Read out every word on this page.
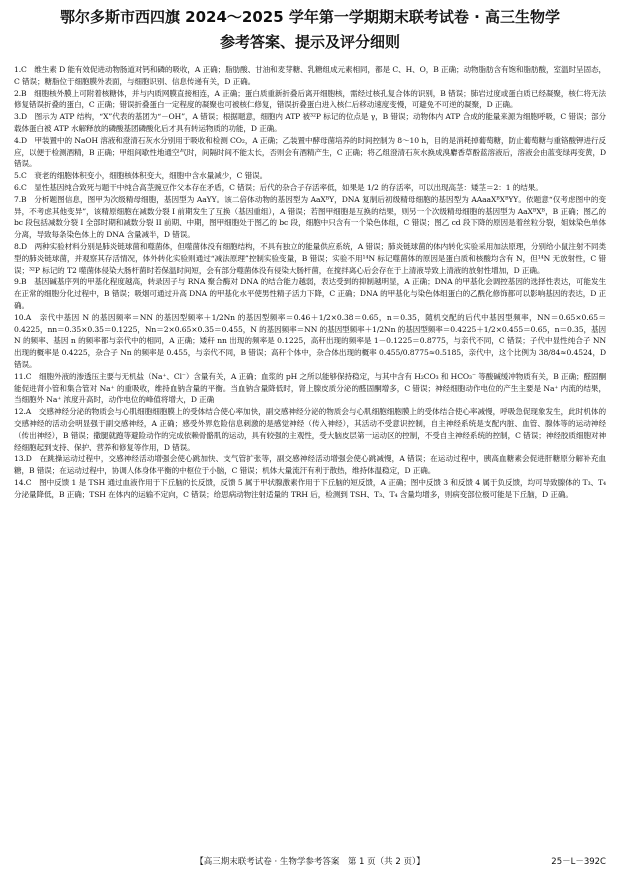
鄂尔多斯市西四旗 2024～2025 学年第一学期期末联考试卷 · 高三生物学
参考答案、提示及评分细则

1.C　 维生素 D 能有效促进动物肠道对钙和磷的吸收，A 正确；脂肪酸、甘油和麦芽糖、乳糖组成元素相同，都是 C、H、O，B 正确；动物脂肪含有饱和脂肪酸，室温时呈固态，C 错误；糖脂位于细胞膜外表面，与细胞识别、信息传递有关，D 正确。

2.B　 细胞核外膜上可附着核糖体，并与内质网膜直接相连，A 正确；蛋白质重新折叠后离开细胞核，需经过核孔复合体的识别，B 错误；肺岩过度或蛋白质已经凝聚，核仁将无法修复错误折叠的蛋白，C 正确；错误折叠蛋白一定程度的凝聚也可被核仁修复，错误折叠蛋白进入核仁后移动速度变慢，可避免不可逆的凝聚，D 正确。

3.D　 图示为 ATP 结构，“X”代表的基团为“－OH”，A 错误；根据题意，细胞内 ATP 被³²P 标记的位点是 γ，B 错误；动物体内 ATP 合成的能量来源为细胞呼吸，C 错误；部分载体蛋白被 ATP 水解释放的磷酸基团磷酸化后才具有转运物质的功能，D 正确。

4.D　 甲装置中的 NaOH 溶液和澄清石灰水分别用于吸收和检测 CO₂，A 正确；乙装置中酵母菌培养的时间控制为 8～10 h，目的是消耗掉葡萄糖，防止葡萄糖与重铬酸钾进行反应，以便于检测酒精，B 正确；甲组间歇性地通空气时，间隔时间不能太长，否则会有酒精产生，C 正确；将乙组澄清石灰水换成溴麝香草酚蓝溶液后，溶液会由蓝变绿再变黄，D 错误。

5.C　 衰老的细胞体积变小，细胞核体积变大，细胞中含水量减少，C 错误。

6.C　 显性基因纯合致死与题干中纯合高茎豌豆作父本存在矛盾，C 错误；后代的杂合子存活率低，如果是 1/2 的存活率，可以出现高茎：矮茎＝2：1 的结果。

7.B　 分析题图信息，图甲为次级精母细胞，基因型为 AaYY。该二倍体动物的基因型为 AaXᴮY，DNA 复制后初级精母细胞的基因型为 AAaaXᴮXᴮYY。依题意“仅考虑图中的变异，不考虑其他变异”，该精原细胞在减数分裂 I 前期发生了互换（基因重组），A 错误；若图甲细胞是互换的结果，则另一个次级精母细胞的基因型为 AaXᴮXᴮ，B 正确；图乙的 bc 段包括减数分裂 I 全部时期和减数分裂 II 前期、中期，图甲细胞处于图乙的 bc 段，细胞中只含有一个染色体组，C 错误；图乙 cd 段下降的原因是着丝粒分裂，姐妹染色单体分离，导致每条染色体上的 DNA 含量减半，D 错误。

8.D　 两种实验材料分别是肺炎链球菌和噬菌体，但噬菌体没有细胞结构，不具有独立的能量供应系统，A 错误；肺炎链球菌的体内转化实验采用加法原理，分别给小鼠注射不同类型的肺炎链球菌，并观察其存活情况，体外转化实验则通过“减法原理”控制实验变量，B 错误；实验不用¹⁴N 标记噬菌体的原因是蛋白质和核酸均含有 N，但¹⁴N 无放射性，C 错误；³²P 标记的 T2 噬菌体侵染大肠杆菌时若保温时间短，会有部分噬菌体没有侵染大肠杆菌，在搅拌离心后会存在于上清液导致上清液的放射性增加，D 正确。

9.B　 基因碱基序列的甲基化程度越高，转录因子与 RNA 聚合酶对 DNA 的结合能力越弱，表达受到的抑制越明显，A 正确；DNA 的甲基化会调控基因的选择性表达，可能发生在正常的细胞分化过程中，B 错误；吸烟可通过升高 DNA 的甲基化水平使男性精子活力下降，C 正确；DNA 的甲基化与染色体组蛋白的乙酰化修饰都可以影响基因的表达，D 正确。

10.A　 亲代中基因 N 的基因频率＝NN 的基因型频率＋1/2Nn 的基因型频率＝0.46＋1/2×0.38＝0.65，n＝0.35，随机交配的后代中基因型频率，NN＝0.65×0.65＝0.4225，nn＝0.35×0.35＝0.1225，Nn＝2×0.65×0.35＝0.455，N 的基因频率＝NN 的基因型频率＋1/2Nn 的基因型频率＝0.4225＋1/2×0.455＝0.65，n＝0.35，基因 N 的频率、基因 n 的频率都与亲代中的相同，A 正确；矮秆 nn 出现的频率是 0.1225，高秆出现的频率是 1－0.1225＝0.8775，与亲代不同，C 错误；子代中显性纯合子 NN 出现的概率是 0.4225，杂合子 Nn 的频率是 0.455，与亲代不同，B 错误；高秆个体中，杂合体出现的概率 0.455/0.8775≈0.5185，亲代中，这个比例为 38/84≈0.4524，D 错误。

11.C　 细胞外液的渗透压主要与无机盐（Na⁺、Cl⁻）含量有关，A 正确；血浆的 pH 之所以能够保持稳定，与其中含有 H₂CO₃ 和 HCO₃⁻ 等酸碱缓冲物质有关，B 正确；醛固酮能促进肾小管和集合管对 Na⁺ 的重吸收，维持血钠含量的平衡。当血钠含量降低时，肾上腺皮质分泌的醛固酮增多，C 错误；神经细胞动作电位的产生主要是 Na⁺ 内流的结果，当细胞外 Na⁺ 浓度升高时，动作电位的峰值将增大，D 正确

12.A　 交感神经分泌的物质会与心肌细胞细胞膜上的受体结合使心率加快，副交感神经分泌的物质会与心肌细胞细胞膜上的受体结合使心率减慢，呼吸急促现象发生，此时机体的交感神经的活动会明显强于副交感神经，A 正确；感受外界危险信息刺激的是感觉神经（传入神经），其活动不受意识控制，自主神经系统是支配内脏、血管、腺体等的运动神经（传出神经），B 错误；撒腿就跑等避险动作的完成依赖骨骼肌的运动，具有较强的主观性，受大脑皮层第一运动区的控制，不受自主神经系统的控制，C 错误；神经胶质细胞对神经细胞起到支持、保护、营养和修复等作用，D 错误。

13.D　 在跳操运动过程中，交感神经活动增强会使心跳加快、支气管扩张等，副交感神经活动增强会使心跳减慢，A 错误；在运动过程中，胰高血糖素会促进肝糖原分解补充血糖，B 错误；在运动过程中，协调人体身体平衡的中枢位于小脑，C 错误；机体大量流汗有利于散热，维持体温稳定，D 正确。

14.C　 图中反馈 1 是 TSH 通过血液作用于下丘脑的长反馈，反馈 5 属于甲状腺激素作用于下丘脑的短反馈，A 正确；图中反馈 3 和反馈 4 属于负反馈，均可导致腺体的 T₃、T₄ 分泌量降低，B 正确；TSH 在体内的运输不定向，C 错误；给思病动物注射适量的 TRH 后，检测到 TSH、T₃、T₄ 含量均增多，则病变部位极可能是下丘脑，D 正确。

【高三期末联考试卷 · 生物学参考答案　第 1 页（共 2 页）】	25－L－392C
